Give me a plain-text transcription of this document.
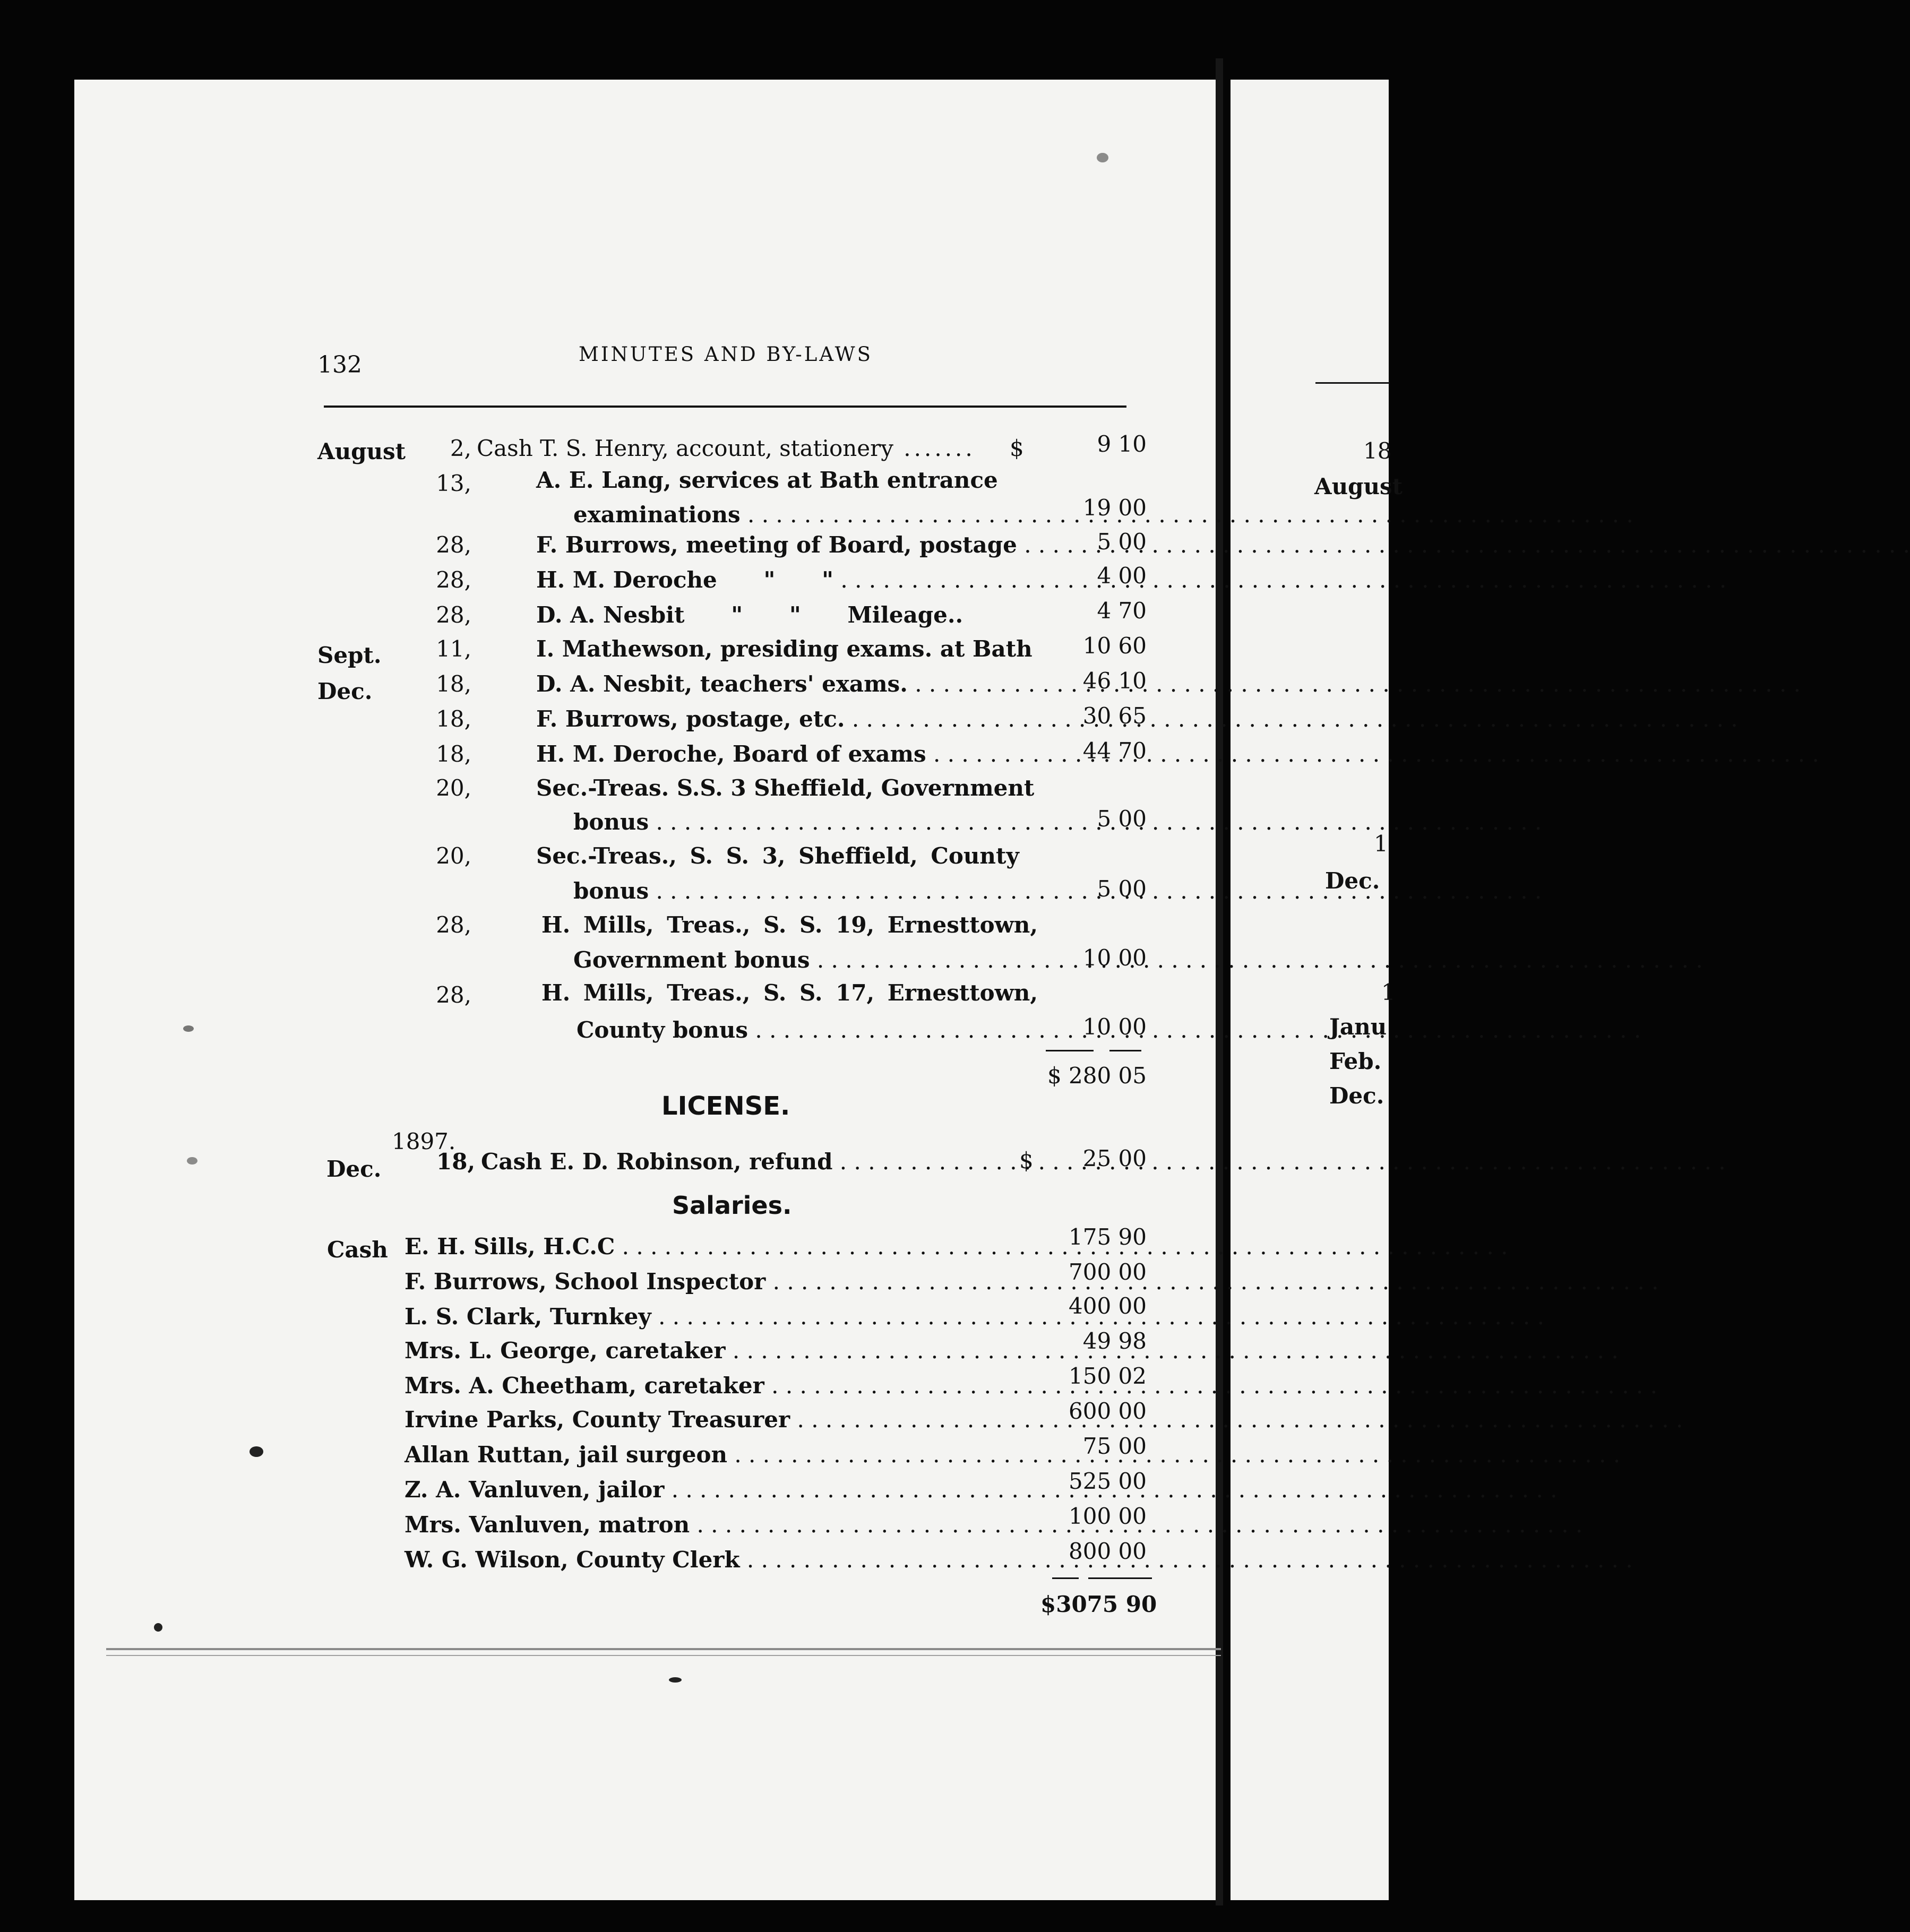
18
August
1
Dec.
1
Janu
Feb.
Dec.
132	MINUTES AND BY-LAWS
August	2, Cash T. S. Henry, account, stationery .......	$	9 10
13,	A. E. Lang, services at Bath entrance
examinations . . .	19 00
28,	F. Burrows, meeting of Board, postage . . .	5 00
28,	H. M. Deroche      "      " . . .	4 00
28,	D. A. Nesbit      "      "      Mileage..	4 70
Sept.	11,	I. Mathewson, presiding exams. at Bath	10 60
Dec.	18,	D. A. Nesbit, teachers' exams. . . .	46 10
18,	F. Burrows, postage, etc. . . .	30 65
18,	H. M. Deroche, Board of exams . . .	44 70
20,	Sec.-Treas. S.S. 3 Sheffield, Government
bonus . . .	5 00
20,	Sec.-Treas., S. S. 3, Sheffield, County
bonus . . .	5 00
28,	H. Mills, Treas., S. S. 19, Ernesttown,
Government bonus . . .	10 00
28,	H. Mills, Treas., S. S. 17, Ernesttown,
County bonus . . .	10 00
$ 280 05
LICENSE.
1897.
Dec. 18, Cash E. D. Robinson, refund . . .	$	25 00
Salaries.
Cash E. H. Sills, H.C.C . . .	175 90
F. Burrows, School Inspector . . .	700 00
L. S. Clark, Turnkey . . .	400 00
Mrs. L. George, caretaker . . .	49 98
Mrs. A. Cheetham, caretaker . . .	150 02
Irvine Parks, County Treasurer . . .	600 00
Allan Ruttan, jail surgeon . . .	75 00
Z. A. Vanluven, jailor . . .	525 00
Mrs. Vanluven, matron . . .	100 00
W. G. Wilson, County Clerk . . .	800 00
$3075 90
